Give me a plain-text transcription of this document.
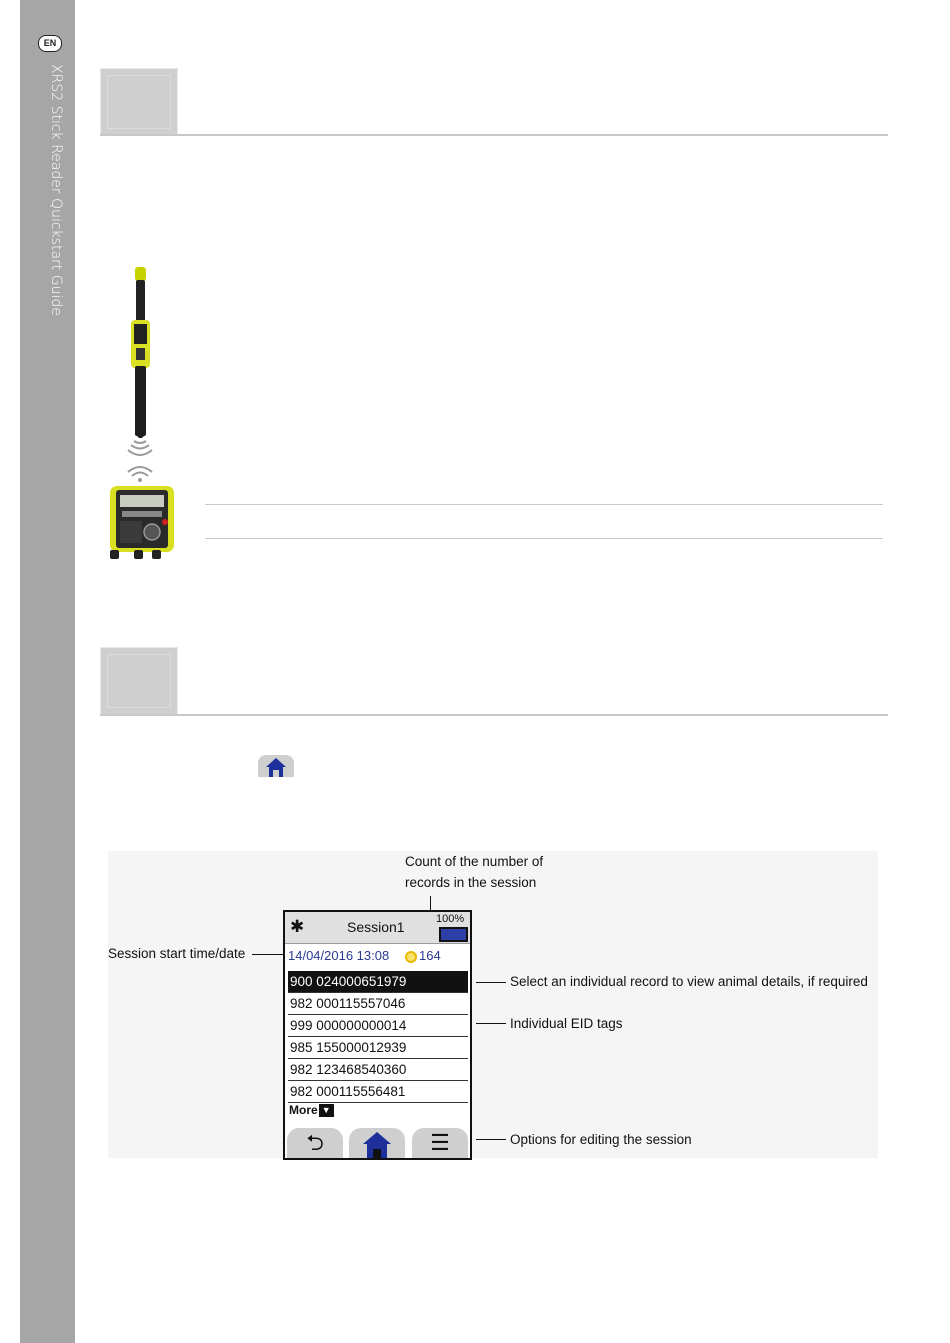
EN
XRS2 Stick Reader Quickstart Guide
Count of the number of
records in the session
Session start time/date
Select an individual record to view animal details, if required
Individual EID tags
Options for editing the session
✱	Session1	100%
14/04/2016 13:08 164
900 024000651979
982 000115557046
999 000000000014
985 155000012939
982 123468540360
982 000115556481
More ▼
⮌	☰
